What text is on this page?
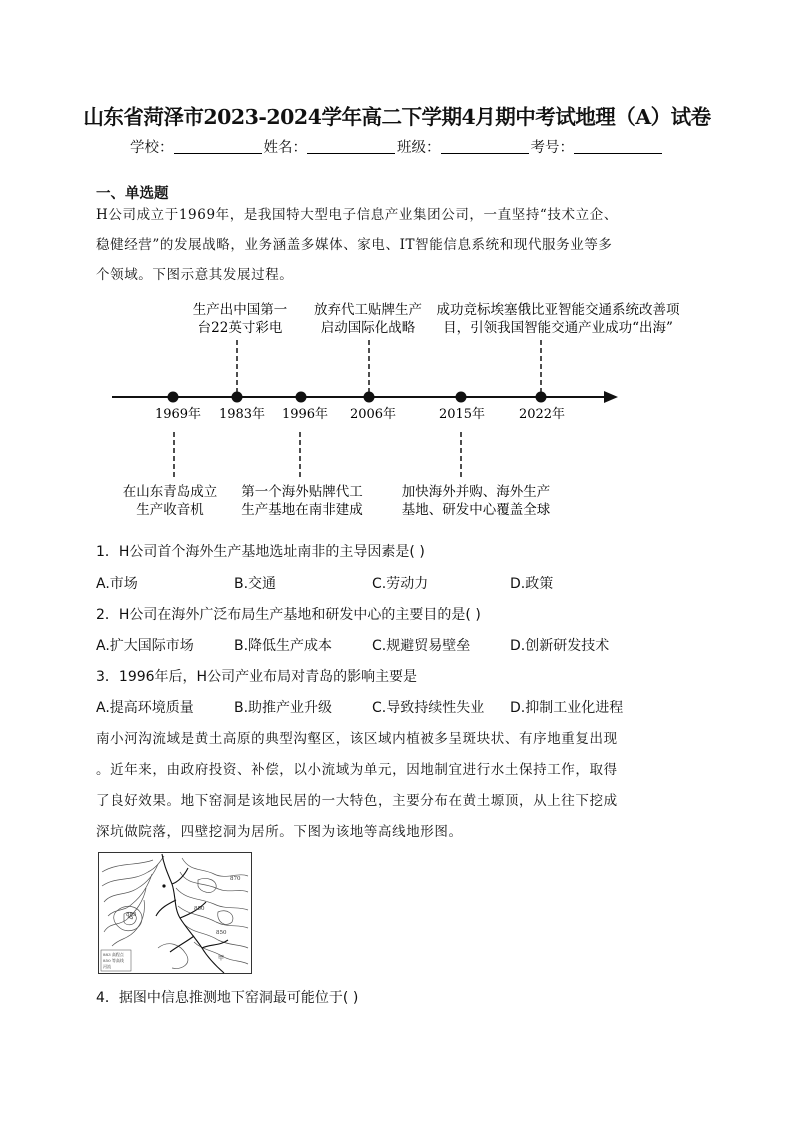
山东省菏泽市2023-2024学年高二下学期4月期中考试地理（A）试卷
学校：	姓名：	班级：	考号：
一、单选题
H公司成立于1969年，是我国特大型电子信息产业集团公司，一直坚持“技术立企、
稳健经营”的发展战略，业务涵盖多媒体、家电、IT智能信息系统和现代服务业等多
个领域。下图示意其发展过程。
生产出中国第一
台22英寸彩电
放弃代工贴牌生产
启动国际化战略
成功竞标埃塞俄比亚智能交通系统改善项
目，引领我国智能交通产业成功“出海”
1969年 1983年 1996年 2006年	2015年	2022年
在山东青岛成立
生产收音机
第一个海外贴牌代工
生产基地在南非建成
加快海外并购、海外生产
基地、研发中心覆盖全球
1．H公司首个海外生产基地选址南非的主导因素是( )
A.市场	B.交通	C.劳动力	D.政策
2．H公司在海外广泛布局生产基地和研发中心的主要目的是( )
A.扩大国际市场	B.降低生产成本	C.规避贸易壁垒	D.创新研发技术
3．1996年后，H公司产业布局对青岛的影响主要是
A.提高环境质量	B.助推产业升级	C.导致持续性失业 D.抑制工业化进程
南小河沟流域是黄土高原的典型沟壑区，该区域内植被多呈斑块状、有序地重复出现
。近年来，由政府投资、补偿，以小流域为单元，因地制宜进行水土保持工作，取得
了良好效果。地下窑洞是该地民居的一大特色，主要分布在黄土塬顶，从上往下挖成
深坑做院落，四壁挖洞为居所。下图为该地等高线地形图。
870
850
885
850
甲
883 高程点
850 等高线
河流
4．据图中信息推测地下窑洞最可能位于( )
